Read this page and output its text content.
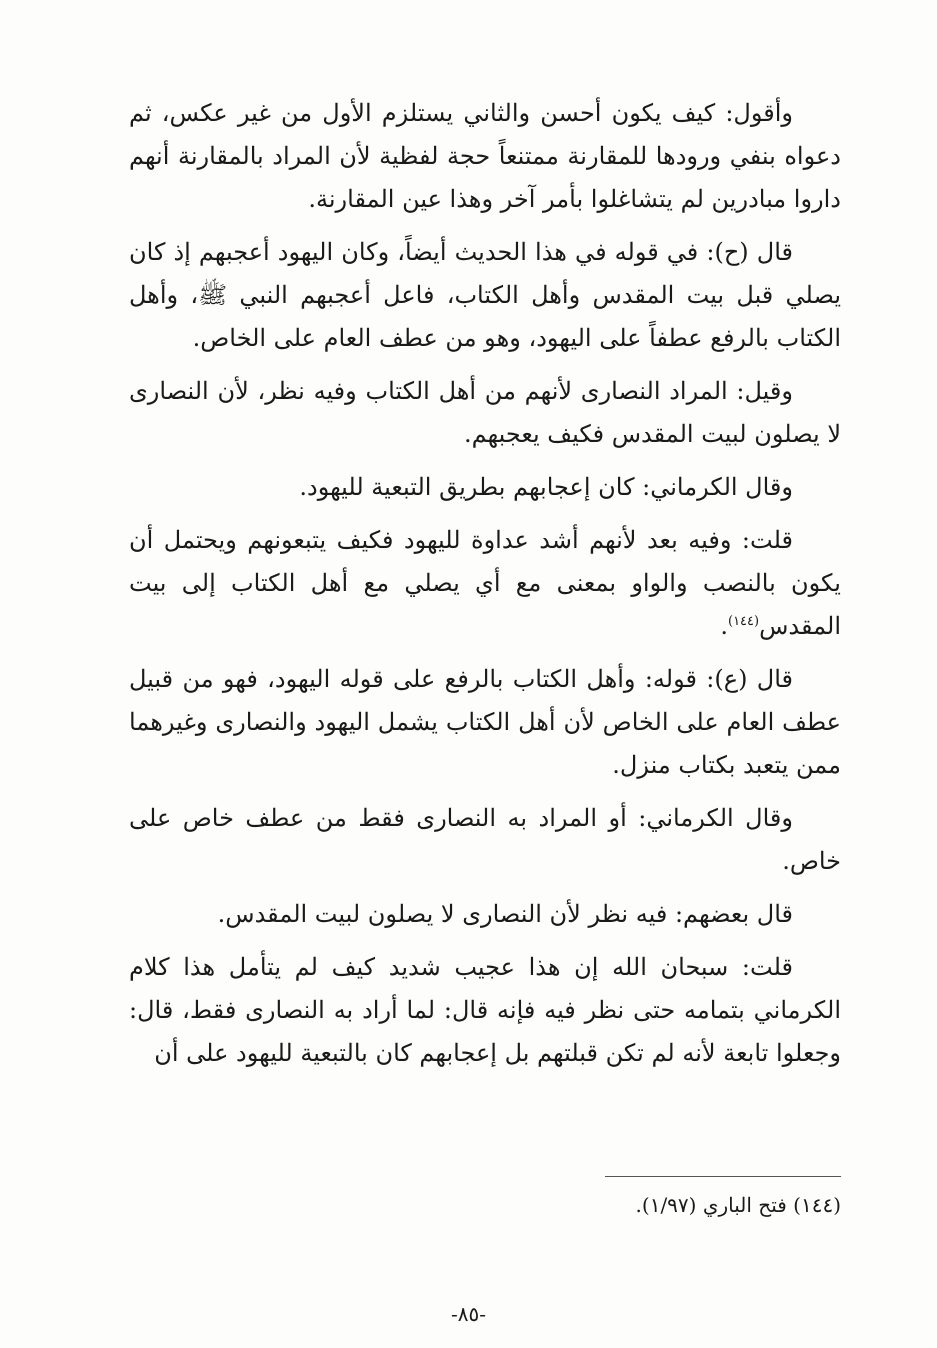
وأقول: كيف يكون أحسن والثاني يستلزم الأول من غير عكس، ثم دعواه بنفي ورودها للمقارنة ممتنعاً حجة لفظية لأن المراد بالمقارنة أنهم داروا مبادرين لم يتشاغلوا بأمر آخر وهذا عين المقارنة.

قال (ح): في قوله في هذا الحديث أيضاً، وكان اليهود أعجبهم إذ كان يصلي قبل بيت المقدس وأهل الكتاب، فاعل أعجبهم النبي ﷺ، وأهل الكتاب بالرفع عطفاً على اليهود، وهو من عطف العام على الخاص.

وقيل: المراد النصارى لأنهم من أهل الكتاب وفيه نظر، لأن النصارى لا يصلون لبيت المقدس فكيف يعجبهم.

وقال الكرماني: كان إعجابهم بطريق التبعية لليهود.

قلت: وفيه بعد لأنهم أشد عداوة لليهود فكيف يتبعونهم ويحتمل أن يكون بالنصب والواو بمعنى مع أي يصلي مع أهل الكتاب إلى بيت المقدس$^{(١٤٤)}$.

قال (ع): قوله: وأهل الكتاب بالرفع على قوله اليهود، فهو من قبيل عطف العام على الخاص لأن أهل الكتاب يشمل اليهود والنصارى وغيرهما ممن يتعبد بكتاب منزل.

وقال الكرماني: أو المراد به النصارى فقط من عطف خاص على خاص.

قال بعضهم: فيه نظر لأن النصارى لا يصلون لبيت المقدس.

قلت: سبحان الله إن هذا عجيب شديد كيف لم يتأمل هذا كلام الكرماني بتمامه حتى نظر فيه فإنه قال: لما أراد به النصارى فقط، قال: وجعلوا تابعة لأنه لم تكن قبلتهم بل إعجابهم كان بالتبعية لليهود على أن

(١٤٤) فتح الباري (١/٩٧).
-٨٥-
